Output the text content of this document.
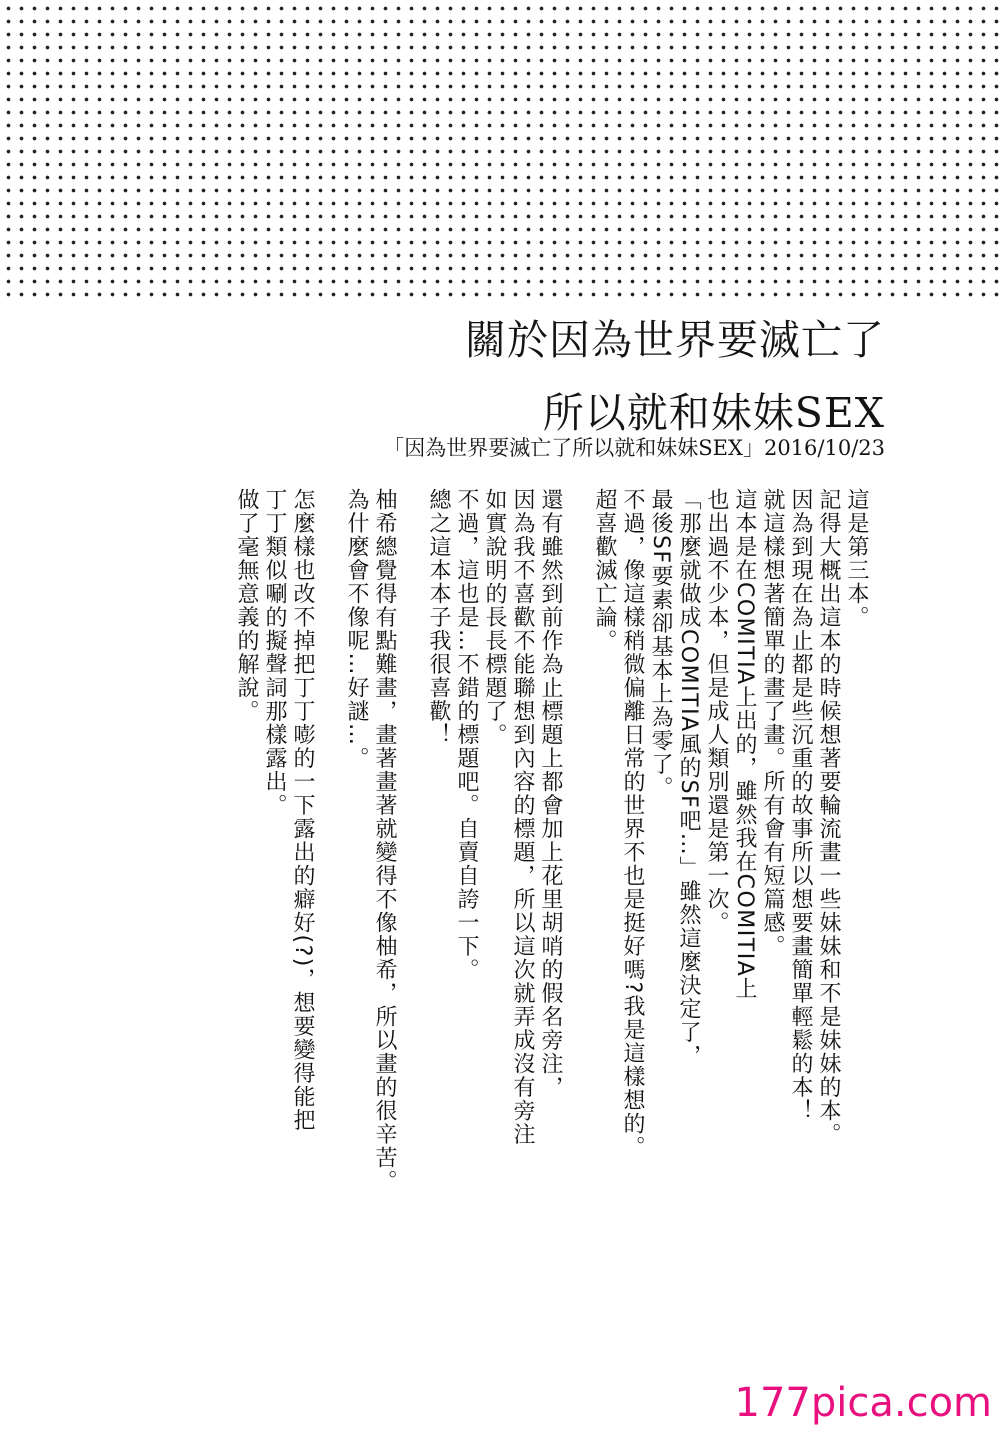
關於因為世界要滅亡了
所以就和妹妹SEX
「因為世界要滅亡了所以就和妹妹SEX」2016/10/23
這是第三本。
記得大概出這本的時候想著要輪流畫一些妹妹和不是妹妹的本。
因為到現在為止都是些沉重的故事所以想要畫簡單輕鬆的本！
就這樣想著簡單的畫了畫。所有會有短篇感。
這本是在COMITIA上出的，雖然我在COMITIA上
也出過不少本，但是成人類別還是第一次。
「那麼就做成COMITIA風的SF吧…」雖然這麼決定了，
最後SF要素卻基本上為零了。
不過，像這樣稍微偏離日常的世界不也是挺好嗎?我是這樣想的。
超喜歡滅亡論。
還有雖然到前作為止標題上都會加上花里胡哨的假名旁注，
因為我不喜歡不能聯想到內容的標題，所以這次就弄成沒有旁注
如實說明的長長標題了。
不過，這也是…不錯的標題吧。自賣自誇一下。
總之這本本子我很喜歡！
柚希總覺得有點難畫，畫著畫著就變得不像柚希，所以畫的很辛苦。
為什麼會不像呢…好謎…。
怎麼樣也改不掉把丁丁嘭的一下露出的癖好(?)，想要變得能把
丁丁類似唰的擬聲詞那樣露出。
做了毫無意義的解說。
177pica.com
